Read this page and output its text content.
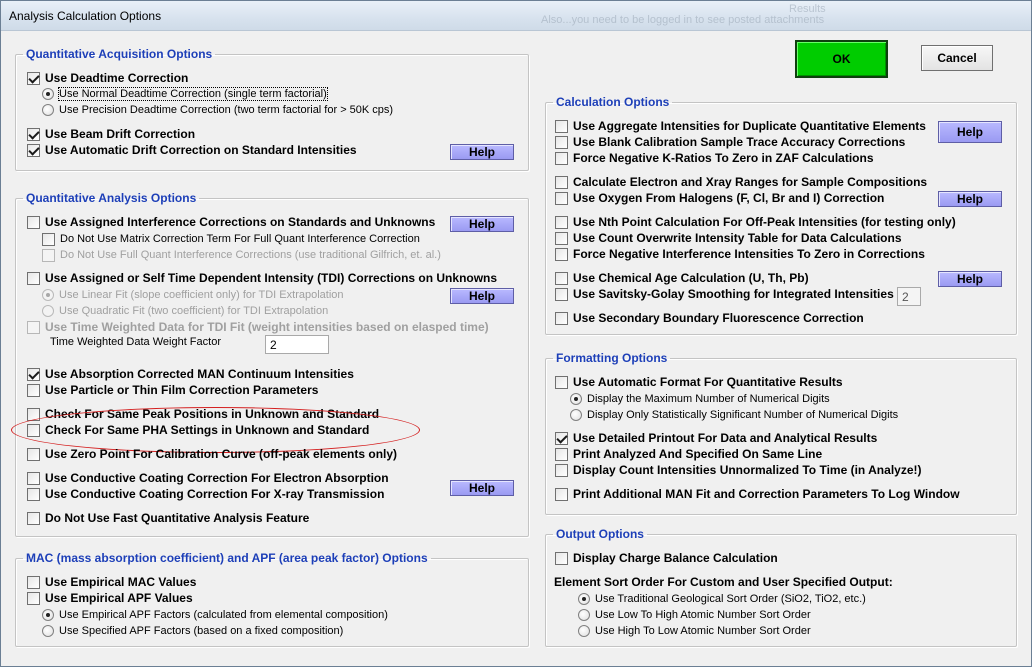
Analysis Calculation Options	Results
Also...you need to be logged in to see posted attachments
OK	Cancel
Quantitative Acquisition Options
Use Deadtime Correction
Use Normal Deadtime Correction (single term factorial)
Use Precision Deadtime Correction (two term factorial for > 50K cps)
Use Beam Drift Correction
Use Automatic Drift Correction on Standard Intensities	Help
Quantitative Analysis Options
Use Assigned Interference Corrections on Standards and Unknowns	Help
Do Not Use Matrix Correction Term For Full Quant Interference Correction
Do Not Use Full Quant Interference Corrections (use traditional Gilfrich, et. al.)
Use Assigned or Self Time Dependent Intensity (TDI) Corrections on Unknowns
Use Linear Fit (slope coefficient only) for TDI Extrapolation	Help
Use Quadratic Fit (two coefficient) for TDI Extrapolation
Use Time Weighted Data for TDI Fit (weight intensities based on elasped time)
Time Weighted Data Weight Factor	2
Use Absorption Corrected MAN Continuum Intensities
Use Particle or Thin Film Correction Parameters
Check For Same Peak Positions in Unknown and Standard
Check For Same PHA Settings in Unknown and Standard
Use Zero Point For Calibration Curve (off-peak elements only)
Use Conductive Coating Correction For Electron Absorption
Use Conductive Coating Correction For X-ray Transmission	Help
Do Not Use Fast Quantitative Analysis Feature
MAC (mass absorption coefficient) and APF (area peak factor) Options
Use Empirical MAC Values
Use Empirical APF Values
Use Empirical APF Factors (calculated from elemental composition)
Use Specified APF Factors (based on a fixed composition)
Calculation Options
Use Aggregate Intensities for Duplicate Quantitative Elements	Help
Use Blank Calibration Sample Trace Accuracy Corrections
Force Negative K-Ratios To Zero in ZAF Calculations
Calculate Electron and Xray Ranges for Sample Compositions
Use Oxygen From Halogens (F, Cl, Br and I) Correction	Help
Use Nth Point Calculation For Off-Peak Intensities (for testing only)
Use Count Overwrite Intensity Table for Data Calculations
Force Negative Interference Intensities To Zero in Corrections
Use Chemical Age Calculation (U, Th, Pb)	Help
Use Savitsky-Golay Smoothing for Integrated Intensities 2
Use Secondary Boundary Fluorescence Correction
Formatting Options
Use Automatic Format For Quantitative Results
Display the Maximum Number of Numerical Digits
Display Only Statistically Significant Number of Numerical Digits
Use Detailed Printout For Data and Analytical Results
Print Analyzed And Specified On Same Line
Display Count Intensities Unnormalized To Time (in Analyze!)
Print Additional MAN Fit and Correction Parameters To Log Window
Output Options
Display Charge Balance Calculation
Element Sort Order For Custom and User Specified Output:
Use Traditional Geological Sort Order (SiO2, TiO2, etc.)
Use Low To High Atomic Number Sort Order
Use High To Low Atomic Number Sort Order
